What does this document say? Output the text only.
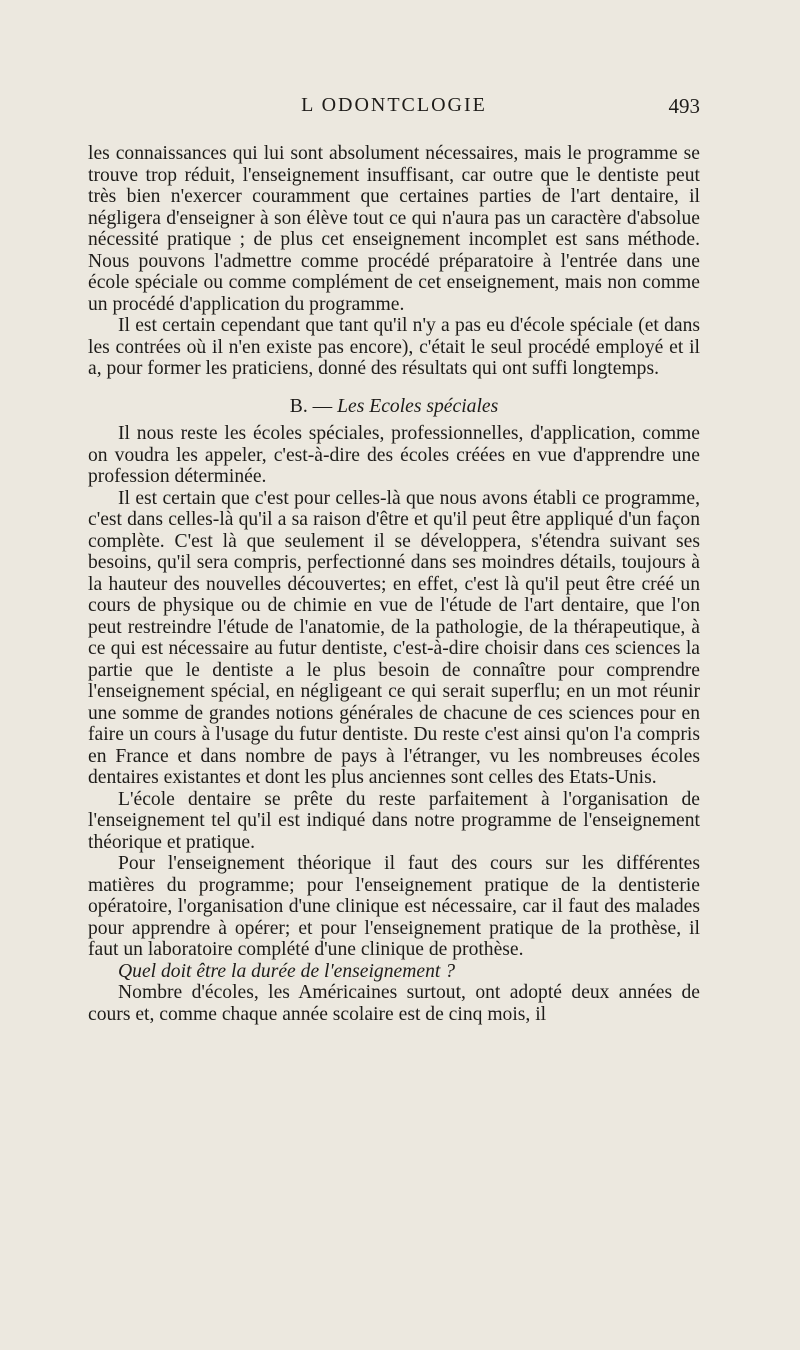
L ODONTCLOGIE	493

les connaissances qui lui sont absolument nécessaires, mais le programme se trouve trop réduit, l'enseignement insuffisant, car outre que le dentiste peut très bien n'exercer couramment que certaines parties de l'art dentaire, il négligera d'enseigner à son élève tout ce qui n'aura pas un caractère d'absolue nécessité pratique ; de plus cet enseignement incomplet est sans méthode. Nous pouvons l'admettre comme procédé préparatoire à l'entrée dans une école spéciale ou comme complément de cet enseignement, mais non comme un procédé d'application du programme.

Il est certain cependant que tant qu'il n'y a pas eu d'école spéciale (et dans les contrées où il n'en existe pas encore), c'était le seul procédé employé et il a, pour former les praticiens, donné des résultats qui ont suffi longtemps.

B. — Les Ecoles spéciales

Il nous reste les écoles spéciales, professionnelles, d'application, comme on voudra les appeler, c'est-à-dire des écoles créées en vue d'apprendre une profession déterminée.

Il est certain que c'est pour celles-là que nous avons établi ce programme, c'est dans celles-là qu'il a sa raison d'être et qu'il peut être appliqué d'un façon complète. C'est là que seulement il se développera, s'étendra suivant ses besoins, qu'il sera compris, perfectionné dans ses moindres détails, toujours à la hauteur des nouvelles découvertes; en effet, c'est là qu'il peut être créé un cours de physique ou de chimie en vue de l'étude de l'art dentaire, que l'on peut restreindre l'étude de l'anatomie, de la pathologie, de la thérapeutique, à ce qui est nécessaire au futur dentiste, c'est-à-dire choisir dans ces sciences la partie que le dentiste a le plus besoin de connaître pour comprendre l'enseignement spécial, en négligeant ce qui serait superflu; en un mot réunir une somme de grandes notions générales de chacune de ces sciences pour en faire un cours à l'usage du futur dentiste. Du reste c'est ainsi qu'on l'a compris en France et dans nombre de pays à l'étranger, vu les nombreuses écoles dentaires existantes et dont les plus anciennes sont celles des Etats-Unis.

L'école dentaire se prête du reste parfaitement à l'organisation de l'enseignement tel qu'il est indiqué dans notre programme de l'enseignement théorique et pratique.

Pour l'enseignement théorique il faut des cours sur les différentes matières du programme; pour l'enseignement pratique de la dentisterie opératoire, l'organisation d'une clinique est nécessaire, car il faut des malades pour apprendre à opérer; et pour l'enseignement pratique de la prothèse, il faut un laboratoire complété d'une clinique de prothèse.

Quel doit être la durée de l'enseignement ?

Nombre d'écoles, les Américaines surtout, ont adopté deux années de cours et, comme chaque année scolaire est de cinq mois, il
